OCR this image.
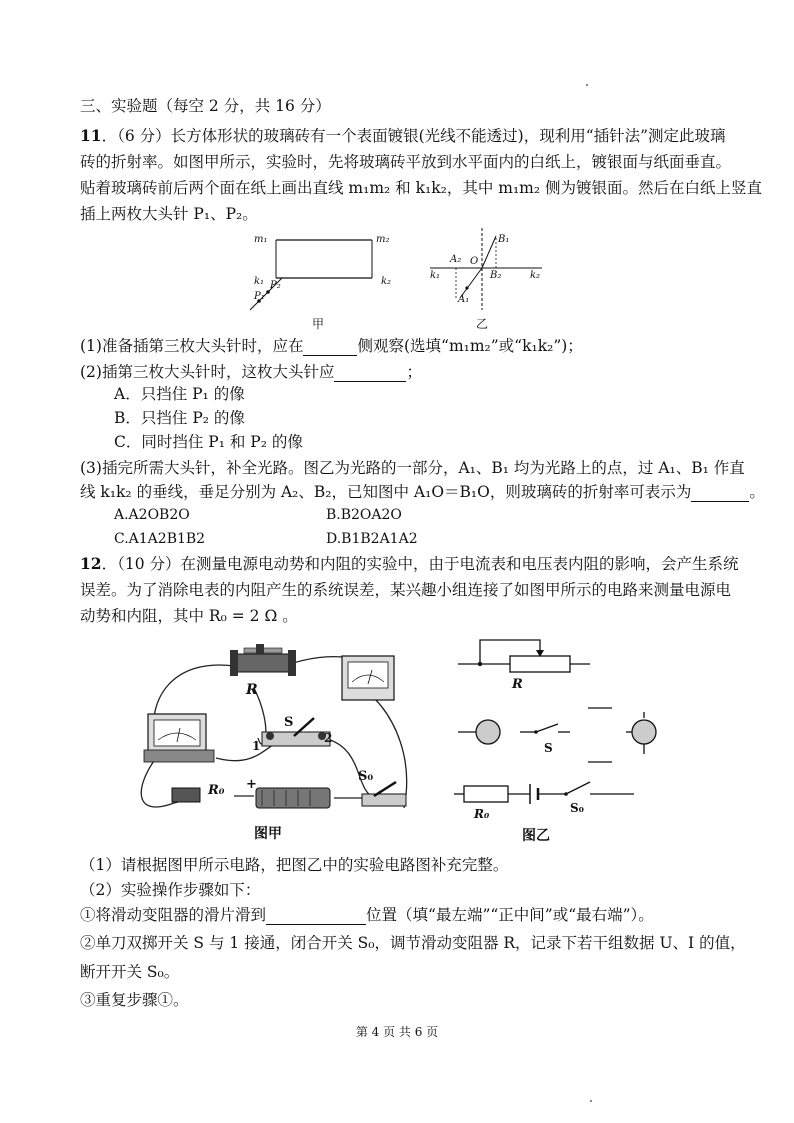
三、实验题（每空 2 分，共 16 分）
11．（6 分）长方体形状的玻璃砖有一个表面镀银(光线不能透过)，现利用“插针法”测定此玻璃
砖的折射率。如图甲所示，实验时，先将玻璃砖平放到水平面内的白纸上，镀银面与纸面垂直。
贴着玻璃砖前后两个面在纸上画出直线 m₁m₂ 和 k₁k₂，其中 m₁m₂ 侧为镀银面。然后在白纸上竖直
插上两枚大头针 P₁、P₂。
m₁	m₂
k₁	k₂
P₂
P₁
甲
B₁
A₂ O
k₁	B₂	k₂
A₁
乙
(1)准备插第三枚大头针时，应在	侧观察(选填“m₁m₂”或“k₁k₂”)；
(2)插第三枚大头针时，这枚大头针应	；
A．只挡住 P₁ 的像
B．只挡住 P₂ 的像
C．同时挡住 P₁ 和 P₂ 的像
(3)插完所需大头针，补全光路。图乙为光路的一部分，A₁、B₁ 均为光路上的点，过 A₁、B₁ 作直
线 k₁k₂ 的垂线，垂足分别为 A₂、B₂，已知图中 A₁O＝B₁O，则玻璃砖的折射率可表示为	。
A.A2OB2O	B.B2OA2O
C.A1A2B1B2	D.B1B2A1A2
12．（10 分）在测量电源电动势和内阻的实验中，由于电流表和电压表内阻的影响，会产生系统
误差。为了消除电表的内阻产生的系统误差，某兴趣小组连接了如图甲所示的电路来测量电源电
动势和内阻，其中 R₀ = 2 Ω 。
R
S
1
2
R₀ +
S₀
图甲
R
S
R₀	S₀
图乙
（1）请根据图甲所示电路，把图乙中的实验电路图补充完整。
（2）实验操作步骤如下：
①将滑动变阻器的滑片滑到	位置（填“最左端”“正中间”或“最右端”）。
②单刀双掷开关 S 与 1 接通，闭合开关 S₀，调节滑动变阻器 R，记录下若干组数据 U、I 的值，
断开开关 S₀。
③重复步骤①。
第 4 页 共 6 页
